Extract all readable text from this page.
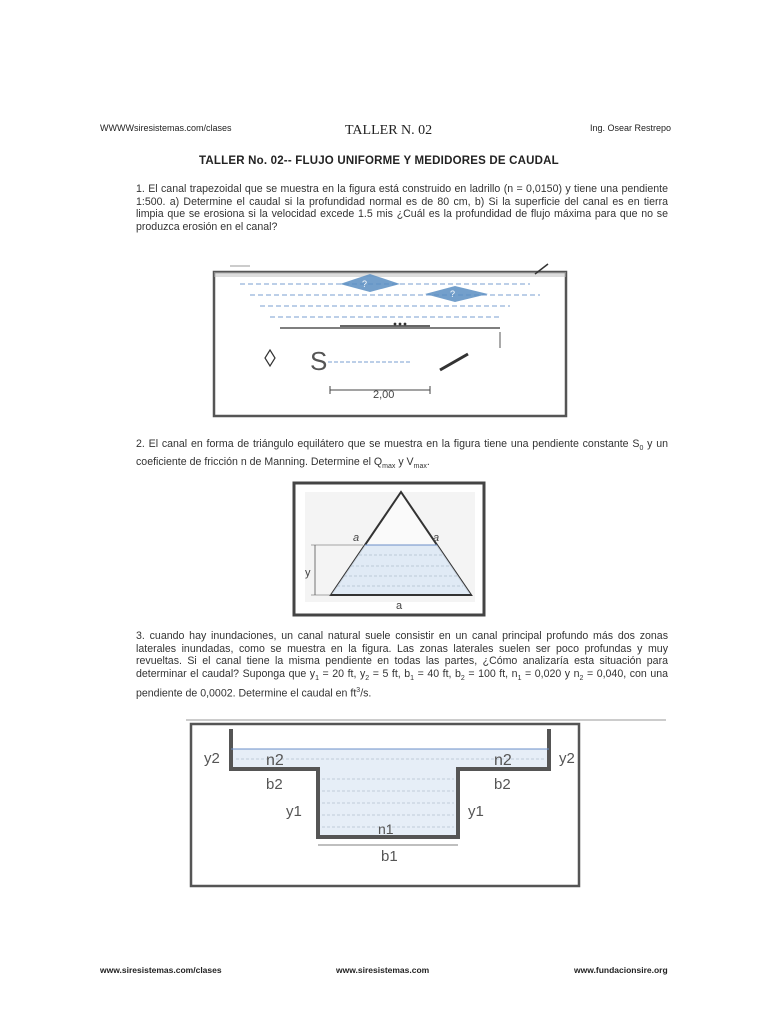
WWWWsiresistemas.com/clases	TALLER N. 02	Ing. Osear Restrepo
TALLER No. 02-- FLUJO UNIFORME Y MEDIDORES DE CAUDAL
1. El canal trapezoidal que se muestra en la figura está construido en ladrillo (n = 0,0150) y tiene una pendiente 1:500. a) Determine el caudal si la profundidad normal es de 80 cm, b) Si la superficie del canal es en tierra limpia que se erosiona si la velocidad excede 1.5 mis ¿Cuál es la profundidad de flujo máxima para que no se produzca erosión en el canal?
?
?
S
2,00
2. El canal en forma de triángulo equilátero que se muestra en la figura tiene una pendiente constante $S_0$ y un coeficiente de fricción n de Manning. Determine el $Q_{max}$ y $V_{max}$.
y
a	a
a
3. cuando hay inundaciones, un canal natural suele consistir en un canal principal profundo más dos zonas laterales inundadas, como se muestra en la figura. Las zonas laterales suelen ser poco profundas y muy revueltas. Si el canal tiene la misma pendiente en todas las partes, ¿Cómo analizaría esta situación para determinar el caudal? Suponga que $y_1 = 20$ ft, $y_2 = 5$ ft, $b_1 = 40$ ft, $b_2 = 100$ ft, $n_1 = 0,020$ y $n_2 = 0,040$, con una pendiente de 0,0002. Determine el caudal en $ft^3/s$.
y2	y2
n2	n2
b2	b2
y1	y1
n1
b1
www.siresistemas.com/clases	www.siresistemas.com	www.fundacionsire.org
